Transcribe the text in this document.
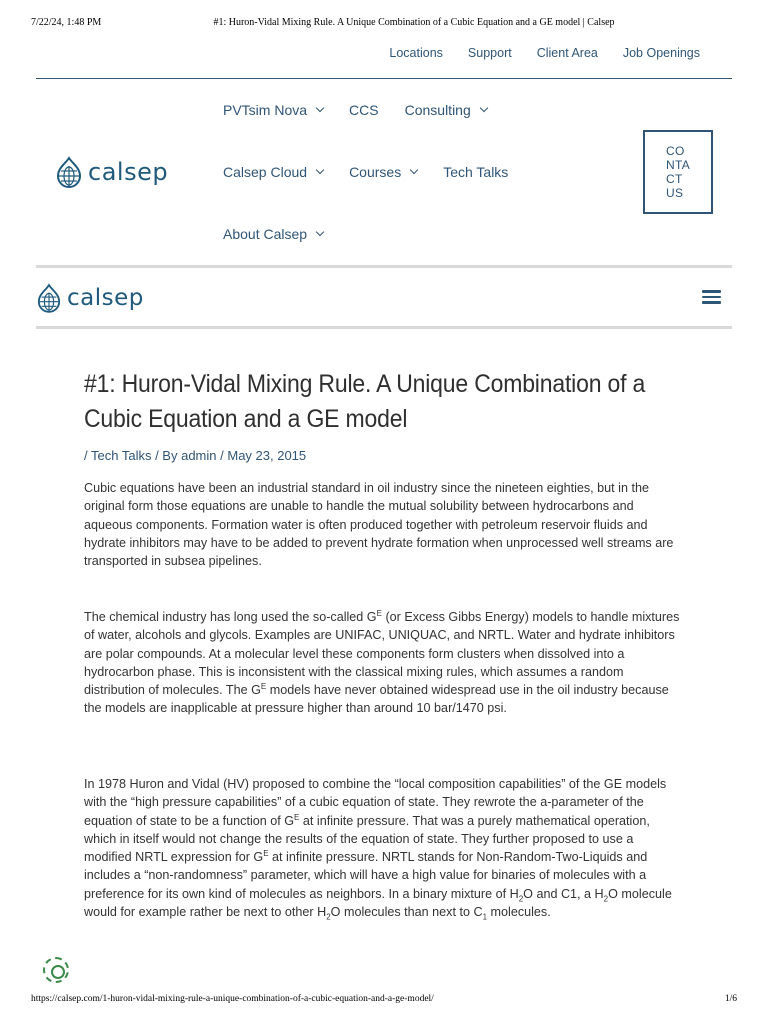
7/22/24, 1:48 PM	#1: Huron-Vidal Mixing Rule. A Unique Combination of a Cubic Equation and a GE model | Calsep
Locations Support Client Area Job Openings
calsep
PVTsim Nova	CCS Consulting
Calsep Cloud	Courses	Tech Talks
About Calsep
CO
NTA
CT
US
calsep
#1: Huron-Vidal Mixing Rule. A Unique Combination of a Cubic Equation and a GE model
/ Tech Talks / By admin / May 23, 2015

Cubic equations have been an industrial standard in oil industry since the nineteen eighties, but in the original form those equations are unable to handle the mutual solubility between hydrocarbons and aqueous components. Formation water is often produced together with petroleum reservoir fluids and hydrate inhibitors may have to be added to prevent hydrate formation when unprocessed well streams are transported in subsea pipelines.

The chemical industry has long used the so-called $G^E$ (or Excess Gibbs Energy) models to handle mixtures of water, alcohols and glycols. Examples are UNIFAC, UNIQUAC, and NRTL. Water and hydrate inhibitors are polar compounds. At a molecular level these components form clusters when dissolved into a hydrocarbon phase. This is inconsistent with the classical mixing rules, which assumes a random distribution of molecules. The $G^E$ models have never obtained widespread use in the oil industry because the models are inapplicable at pressure higher than around 10 bar/1470 psi.

In 1978 Huron and Vidal (HV) proposed to combine the “local composition capabilities” of the GE models with the “high pressure capabilities” of a cubic equation of state. They rewrote the a-parameter of the equation of state to be a function of $G^E$ at infinite pressure. That was a purely mathematical operation, which in itself would not change the results of the equation of state. They further proposed to use a modified NRTL expression for $G^E$ at infinite pressure. NRTL stands for Non-Random-Two-Liquids and includes a “non-randomness” parameter, which will have a high value for binaries of molecules with a preference for its own kind of molecules as neighbors. In a binary mixture of $H_2O$ and C1, a $H_2O$ molecule would for example rather be next to other $H_2O$ molecules than next to $C_1$ molecules.

https://calsep.com/1-huron-vidal-mixing-rule-a-unique-combination-of-a-cubic-equation-and-a-ge-model/	1/6
